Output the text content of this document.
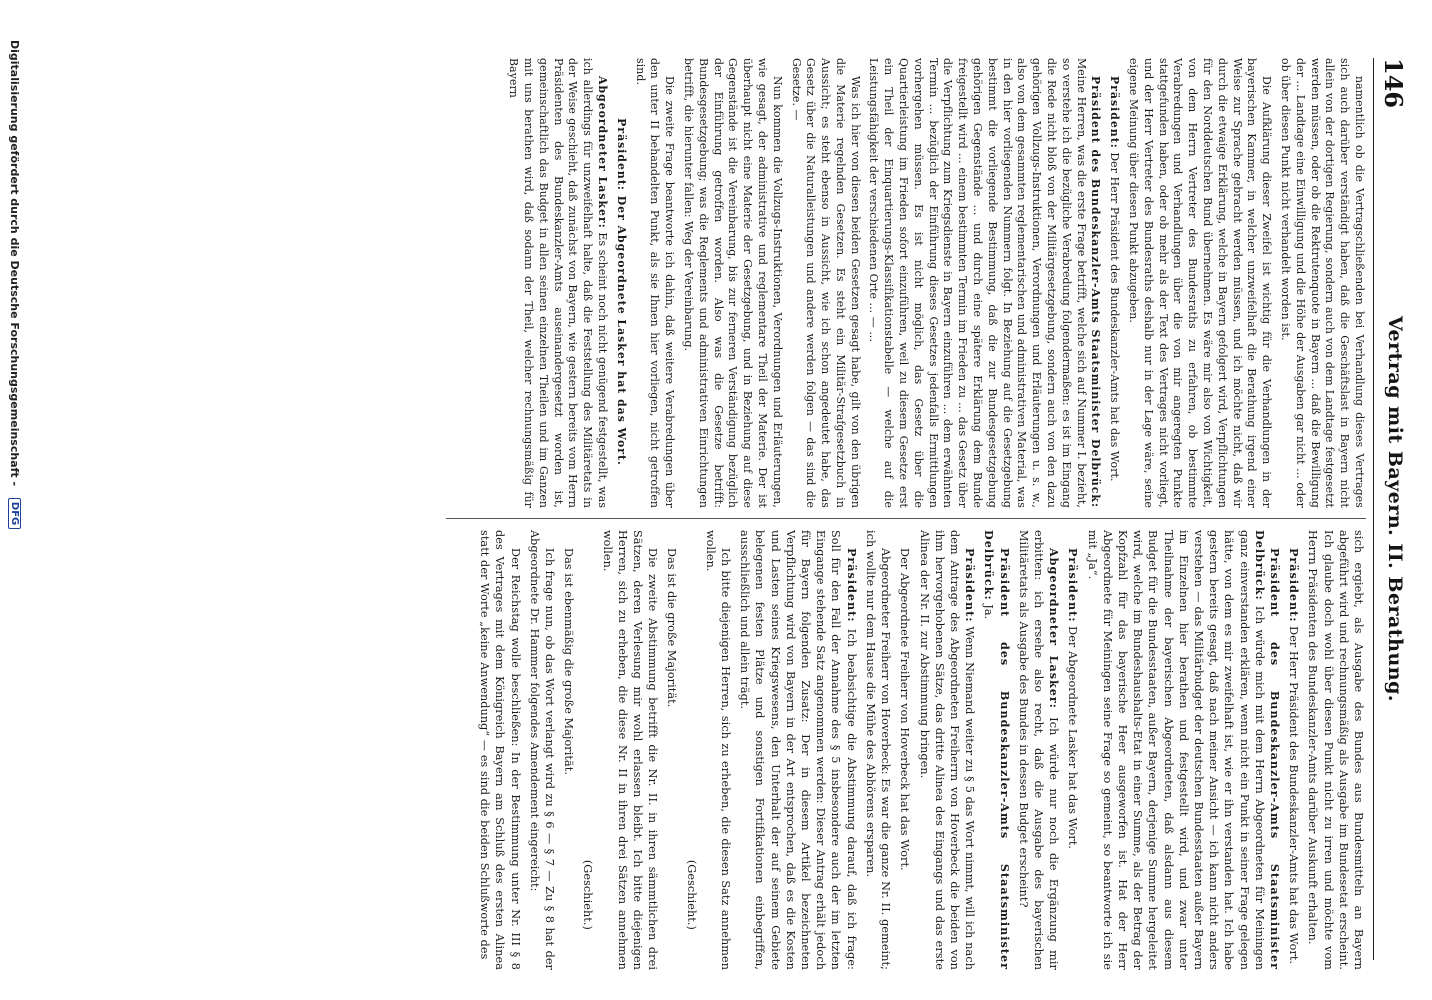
146
Vertrag mit Bayern. II. Berathung.

namentlich ob die Vertragschließenden bei Verhandlung dieses Vertrages sich auch darüber verständigt haben, daß die Geschäftslast in Bayern nicht allein von der dortigen Regierung, sondern auch von dem Landtage festgesetzt werden müssen, oder ob die Rektrutenquote in Bayern ... daß die Bewilligung der ... Landtage eine Einwilligung und die Höhe der Ausgaben gar nicht ... oder ob über diesen Punkt nicht verhandelt worden ist.

Die Aufklärung dieser Zweifel ist wichtig für die Verhandlungen in der bayerischen Kammer, in welcher unzweifelhaft die Berathung irgend einer Weise zur Sprache gebracht werden müssen, und ich möchte nicht, daß wir durch die etwaige Erklärung, welche in Bayern gefolgert wird, Verpflichtungen für den Norddeutschen Bund übernehmen. Es wäre mir also von Wichtigkeit, von dem Herrn Vertreter des Bundesraths zu erfahren, ob bestimmte Verabredungen und Verhandlungen über die von mir angeregten Punkte stattgefunden haben, oder ob mehr als der Text des Vertrages nicht vorliegt, und der Herr Vertreter des Bundesraths deshalb nur in der Lage wäre, seine eigene Meinung über diesen Punkt abzugeben.

Präsident: Der Herr Präsident des Bundeskanzler-Amts hat das Wort.

Präsident des Bundeskanzler-Amts Staatsminister Delbrück: Meine Herren, was die erste Frage betrifft, welche sich auf Nummer I. bezieht, so verstehe ich die bezügliche Verabredung folgendermaßen: es ist im Eingang die Rede nicht bloß von der Militärgesetzgebung, sondern auch von den dazu gehörigen Vollzugs-Instruktionen, Verordnungen und Erläuterungen u. s. w., also von dem gesammten reglementarischen und administrativen Material, was in den hier vorliegenden Nummern folgt. In Beziehung auf die Gesetzgebung bestimmt die vorliegende Bestimmung, daß die zur Bundesgesetzgebung gehörigen Gegenstände ... und durch eine spätere Erklärung dem Bunde freigestellt wird ... einem bestimmten Termin im Frieden zu ... das Gesetz über die Verpflichtung zum Kriegsdienste in Bayern einzuführen ... dem erwähnten Termin ... bezüglich der Einführung dieses Gesetzes jedenfalls Ermittlungen vorhergehen müssen. Es ist nicht möglich, das Gesetz über die Quartierleistung im Frieden sofort einzuführen, weil zu diesem Gesetze erst ein Theil der Einquartierungs-Klassifikationstabelle — welche auf die Leistungsfähigkeit der verschiedenen Orte ... — ...

Was ich hier von diesen beiden Gesetzen gesagt habe, gilt von den übrigen die Materie regelnden Gesetzen. Es steht ein Militär-Strafgesetzbuch in Aussicht; es steht ebenso in Aussicht, wie ich schon angedeutet habe, das Gesetz über die Naturalleistungen und andere werden folgen — das sind die Gesetze. —

Nun kommen die Vollzugs-Instruktionen, Verordnungen und Erläuterungen, wie gesagt, der administrative und reglementare Theil der Materie. Der ist überhaupt nicht eine Materie der Gesetzgebung, und in Beziehung auf diese Gegenstände ist die Vereinbarung, bis zur ferneren Verständigung bezüglich der Einführung getroffen worden. Also was die Gesetze betrifft: Bundesgesetzgebung; was die Reglements und administrativen Einrichtungen betrifft, die hierunter fallen: Weg der Vereinbarung.

Die zweite Frage beantworte ich dahin, daß weitere Verabredungen über den unter II behandelten Punkt, als sie Ihnen hier vorliegen, nicht getroffen sind.

Präsident: Der Abgeordnete Lasker hat das Wort.

Abgeordneter Lasker: Es scheint noch nicht genügend festgestellt, was ich allerdings für unzweifelhaft halte, daß die Feststellung des Militäretats in der Weise geschieht, daß zunächst von Bayern, wie gestern bereits vom Herrn Präsidenten des Bundeskanzler-Amts auseinandergesetzt worden ist, gemeinschaftlich das Budget in allen seinen einzelnen Theilen und im Ganzen mit uns berathen wird, daß sodann der Theil, welcher rechnungsmäßig für Bayern

sich ergiebt, als Ausgabe des Bundes aus Bundesmitteln an Bayern abgeführt wird und rechnungsmäßig als Ausgabe im Bundesetat erscheint. Ich glaube doch wohl über diesen Punkt nicht zu irren und möchte vom Herrn Präsidenten des Bundeskanzler-Amts darüber Auskunft erhalten.

Präsident: Der Herr Präsident des Bundeskanzler-Amts hat das Wort.

Präsident des Bundeskanzler-Amts Staatsminister Delbrück: Ich würde mich mit dem Herrn Abgeordneten für Meiningen ganz einverstanden erklären, wenn nicht ein Punkt in seiner Frage gelegen hätte, von dem es mir zweifelhaft ist, wie er ihn verstanden hat. Ich habe gestern bereits gesagt, daß nach meiner Ansicht — ich kann nicht anders verstehen — das Militärbudget der deutschen Bundesstaaten außer Bayern im Einzelnen hier berathen und festgestellt wird, und zwar unter Theilnahme der bayerischen Abgeordneten, daß alsdann aus diesem Budget für die Bundesstaaten, außer Bayern, derjenige Summe hergeleitet wird, welche im Bundeshaushalts-Etat in einer Summe, als der Betrag der Kopfzahl für das bayerische Heer ausgeworfen ist. Hat der Herr Abgeordnete für Meiningen seine Frage so gemeint, so beantworte ich sie mit „Ja“.

Präsident: Der Abgeordnete Lasker hat das Wort.

Abgeordneter Lasker: Ich würde nur noch die Ergänzung mir erbitten: ich ersehe also recht, daß die Ausgabe des bayerischen Militäretats als Ausgabe des Bundes in dessen Budget erscheint?

Präsident des Bundeskanzler-Amts Staatsminister Delbrück: Ja.

Präsident: Wenn Niemand weiter zu § 5 das Wort nimmt, will ich nach dem Antrage des Abgeordneten Freiherrn von Hoverbeck die beiden von ihm hervorgehobenen Sätze, das dritte Alinea des Eingangs und das erste Alinea der Nr. II. zur Abstimmung bringen.

Der Abgeordnete Freiherr von Hoverbeck hat das Wort.

Abgeordneter Freiherr von Hoverbeck: Es war die ganze Nr. II. gemeint; ich wollte nur dem Hause die Mühe des Abhörens ersparen.

Präsident: Ich beabsichtige die Abstimmung darauf, daß ich frage: Soll für den Fall der Annahme des § 5 insbesondere auch der im letzten Eingange stehende Satz angenommen werden: Dieser Antrag erhält jedoch für Bayern folgenden Zusatz: Der in diesem Artikel bezeichneten Verpflichtung wird von Bayern in der Art entsprochen, daß es die Kosten und Lasten seines Kriegswesens, den Unterhalt der auf seinem Gebiete belegenen festen Plätze und sonstigen Fortifikationen einbegriffen, ausschließlich und allein trägt.

Ich bitte diejenigen Herren, sich zu erheben, die diesen Satz annehmen wollen.

(Geschieht.)

Das ist die große Majorität.

Die zweite Abstimmung betrifft die Nr. II. in ihren sämmtlichen drei Sätzen, deren Verlesung mir wohl erlassen bleibt. Ich bitte diejenigen Herren, sich zu erheben, die diese Nr. II in ihren drei Sätzen annehmen wollen.

(Geschieht.)

Das ist ebenmäßig die große Majorität.

Ich frage nun, ob das Wort verlangt wird zu § 6 — § 7 — Zu § 8 hat der Abgeordnete Dr. Hammer folgendes Amendement eingereicht:

Der Reichstag wolle beschließen: In der Bestimmung unter Nr. III § 8 des Vertrages mit dem Königreich Bayern am Schluß des ersten Alinea statt der Worte „keine Anwendung“ — es sind die beiden Schlußworte des

Digitalisierung gefördert durch die Deutsche Forschungsgemeinschaft - DFG
